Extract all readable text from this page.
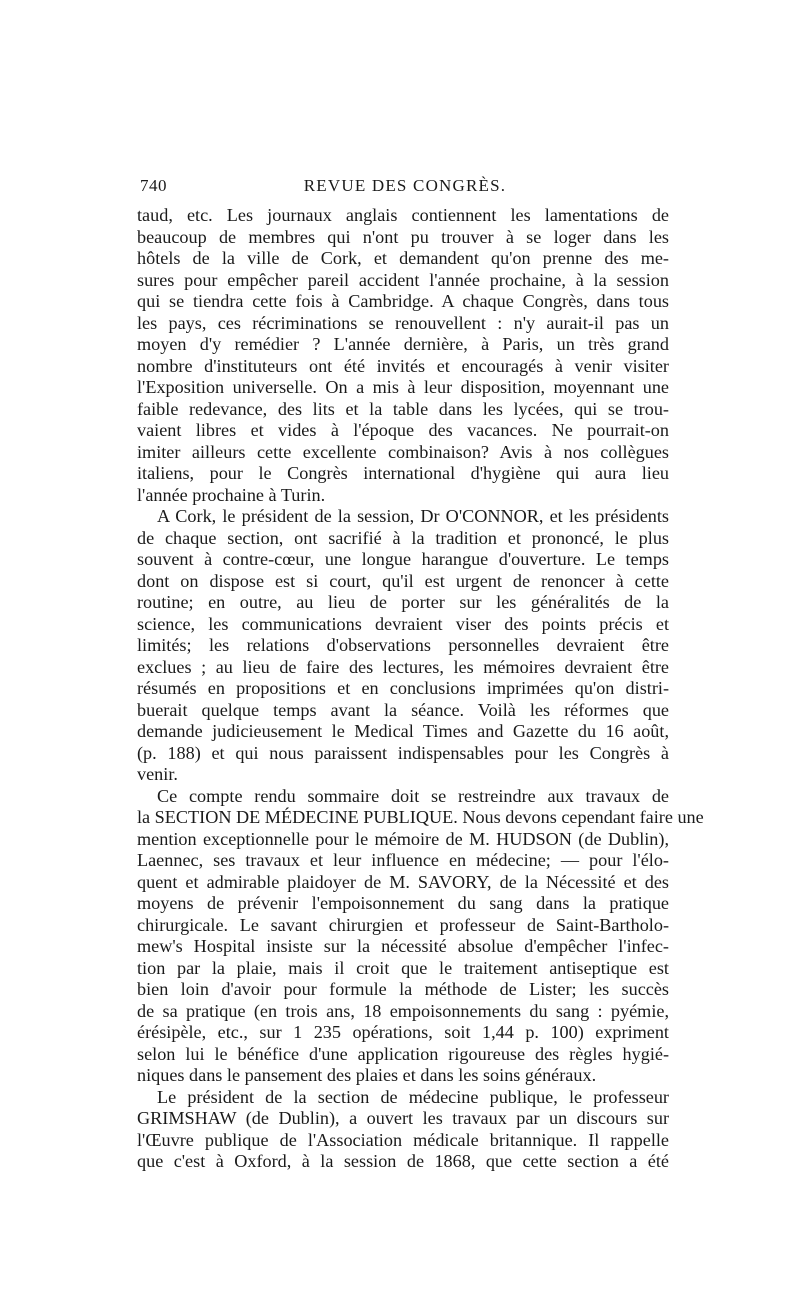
740	REVUE DES CONGRÈS.
taud, etc. Les journaux anglais contiennent les lamentations de
beaucoup de membres qui n'ont pu trouver à se loger dans les
hôtels de la ville de Cork, et demandent qu'on prenne des me-
sures pour empêcher pareil accident l'année prochaine, à la session
qui se tiendra cette fois à Cambridge. A chaque Congrès, dans tous
les pays, ces récriminations se renouvellent : n'y aurait-il pas un
moyen d'y remédier ? L'année dernière, à Paris, un très grand
nombre d'instituteurs ont été invités et encouragés à venir visiter
l'Exposition universelle. On a mis à leur disposition, moyennant une
faible redevance, des lits et la table dans les lycées, qui se trou-
vaient libres et vides à l'époque des vacances. Ne pourrait-on
imiter ailleurs cette excellente combinaison? Avis à nos collègues
italiens, pour le Congrès international d'hygiène qui aura lieu
l'année prochaine à Turin.
A Cork, le président de la session, Dr O'CONNOR, et les présidents
de chaque section, ont sacrifié à la tradition et prononcé, le plus
souvent à contre-cœur, une longue harangue d'ouverture. Le temps
dont on dispose est si court, qu'il est urgent de renoncer à cette
routine; en outre, au lieu de porter sur les généralités de la
science, les communications devraient viser des points précis et
limités; les relations d'observations personnelles devraient être
exclues ; au lieu de faire des lectures, les mémoires devraient être
résumés en propositions et en conclusions imprimées qu'on distri-
buerait quelque temps avant la séance. Voilà les réformes que
demande judicieusement le Medical Times and Gazette du 16 août,
(p. 188) et qui nous paraissent indispensables pour les Congrès à
venir.
Ce compte rendu sommaire doit se restreindre aux travaux de
la SECTION DE MÉDECINE PUBLIQUE. Nous devons cependant faire une
mention exceptionnelle pour le mémoire de M. HUDSON (de Dublin),
Laennec, ses travaux et leur influence en médecine; — pour l'élo-
quent et admirable plaidoyer de M. SAVORY, de la Nécessité et des
moyens de prévenir l'empoisonnement du sang dans la pratique
chirurgicale. Le savant chirurgien et professeur de Saint-Bartholo-
mew's Hospital insiste sur la nécessité absolue d'empêcher l'infec-
tion par la plaie, mais il croit que le traitement antiseptique est
bien loin d'avoir pour formule la méthode de Lister; les succès
de sa pratique (en trois ans, 18 empoisonnements du sang : pyémie,
érésipèle, etc., sur 1 235 opérations, soit 1,44 p. 100) expriment
selon lui le bénéfice d'une application rigoureuse des règles hygié-
niques dans le pansement des plaies et dans les soins généraux.
Le président de la section de médecine publique, le professeur
GRIMSHAW (de Dublin), a ouvert les travaux par un discours sur
l'Œuvre publique de l'Association médicale britannique. Il rappelle
que c'est à Oxford, à la session de 1868, que cette section a été
